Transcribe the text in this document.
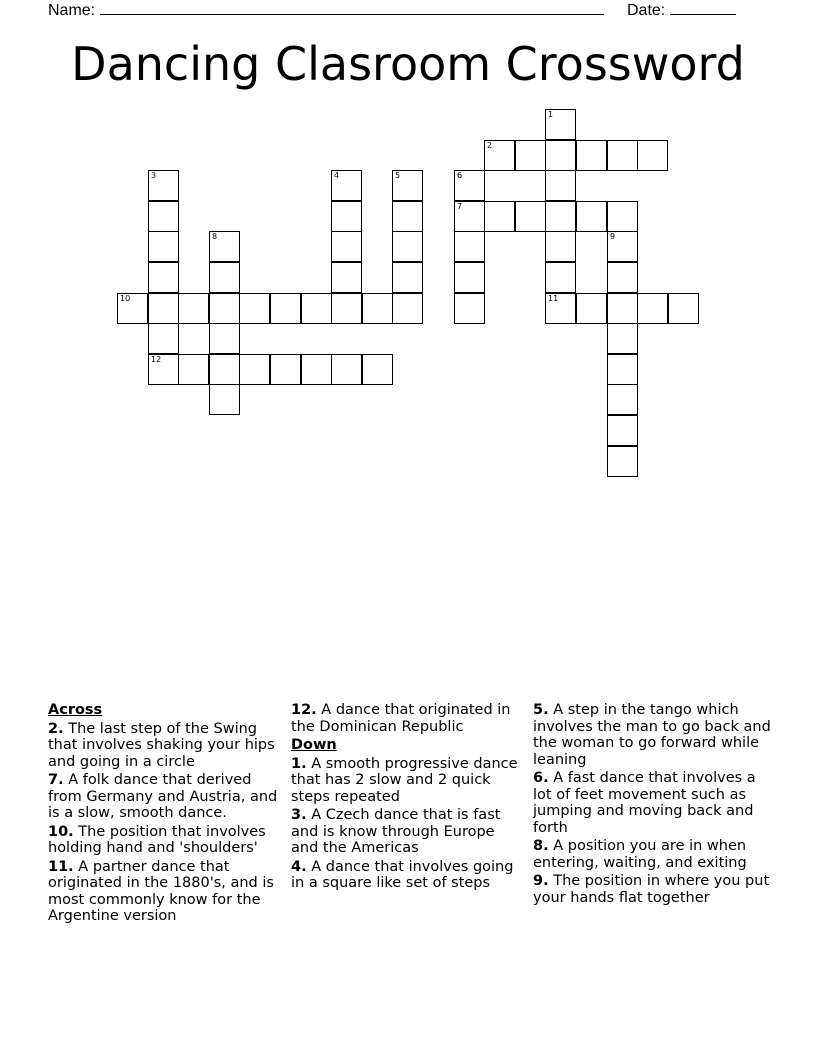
Name:	Date:
Dancing Clasroom Crossword
1
11
2
3
12
4	5	6
7
8	9
10
Across
2. The last step of the Swing that involves shaking your hips and going in a circle
7. A folk dance that derived from Germany and Austria, and is a slow, smooth dance.
10. The position that involves holding hand and 'shoulders'
11. A partner dance that originated in the 1880's, and is most commonly know for the Argentine version
12. A dance that originated in the Dominican Republic
Down
1. A smooth progressive dance that has 2 slow and 2 quick steps repeated
3. A Czech dance that is fast and is know through Europe and the Americas
4. A dance that involves going in a square like set of steps
5. A step in the tango which involves the man to go back and the woman to go forward while leaning
6. A fast dance that involves a lot of feet movement such as jumping and moving back and forth
8. A position you are in when entering, waiting, and exiting
9. The position in where you put your hands flat together
